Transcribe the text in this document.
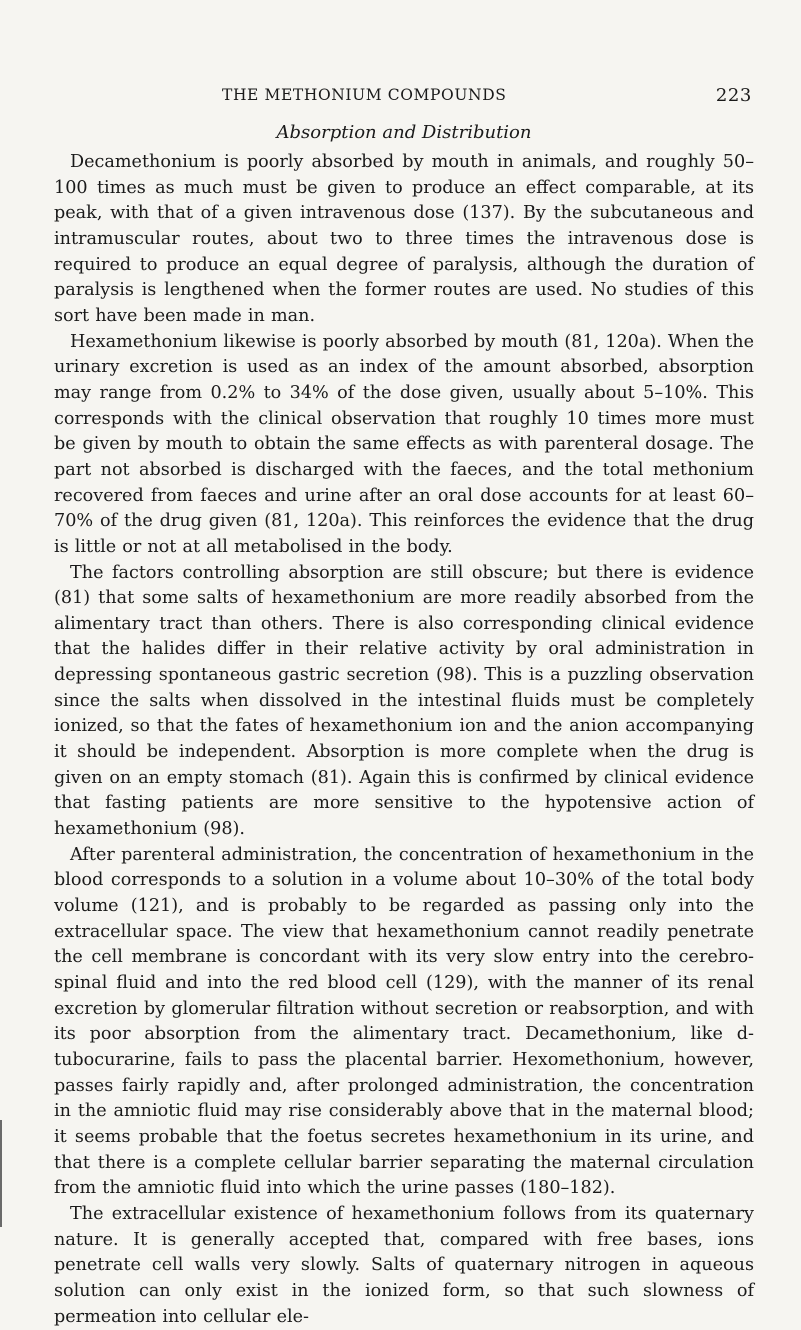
THE METHONIUM COMPOUNDS	223
Absorption and Distribution

Decamethonium is poorly absorbed by mouth in animals, and roughly 50–100 times as much must be given to produce an effect comparable, at its peak, with that of a given intravenous dose (137). By the subcutaneous and intramuscular routes, about two to three times the intravenous dose is required to produce an equal degree of paralysis, although the duration of paralysis is lengthened when the former routes are used. No studies of this sort have been made in man.

Hexamethonium likewise is poorly absorbed by mouth (81, 120a). When the urinary excretion is used as an index of the amount absorbed, absorption may range from 0.2% to 34% of the dose given, usually about 5–10%. This corresponds with the clinical observation that roughly 10 times more must be given by mouth to obtain the same effects as with parenteral dosage. The part not absorbed is discharged with the faeces, and the total methonium recovered from faeces and urine after an oral dose accounts for at least 60–70% of the drug given (81, 120a). This reinforces the evidence that the drug is little or not at all metabolised in the body.

The factors controlling absorption are still obscure; but there is evidence (81) that some salts of hexamethonium are more readily absorbed from the alimentary tract than others. There is also corresponding clinical evidence that the halides differ in their relative activity by oral administration in depressing spontaneous gastric secretion (98). This is a puzzling observation since the salts when dissolved in the intestinal fluids must be completely ionized, so that the fates of hexamethonium ion and the anion accompanying it should be independent. Absorption is more complete when the drug is given on an empty stomach (81). Again this is confirmed by clinical evidence that fasting patients are more sensitive to the hypotensive action of hexamethonium (98).

After parenteral administration, the concentration of hexamethonium in the blood corresponds to a solution in a volume about 10–30% of the total body volume (121), and is probably to be regarded as passing only into the extracellular space. The view that hexamethonium cannot readily penetrate the cell membrane is concordant with its very slow entry into the cerebro-spinal fluid and into the red blood cell (129), with the manner of its renal excretion by glomerular filtration without secretion or reabsorption, and with its poor absorption from the alimentary tract. Decamethonium, like d-tubocurarine, fails to pass the placental barrier. Hexomethonium, however, passes fairly rapidly and, after prolonged administration, the concentration in the amniotic fluid may rise considerably above that in the maternal blood; it seems probable that the foetus secretes hexamethonium in its urine, and that there is a complete cellular barrier separating the maternal circulation from the amniotic fluid into which the urine passes (180–182).

The extracellular existence of hexamethonium follows from its quaternary nature. It is generally accepted that, compared with free bases, ions penetrate cell walls very slowly. Salts of quaternary nitrogen in aqueous solution can only exist in the ionized form, so that such slowness of permeation into cellular ele-
